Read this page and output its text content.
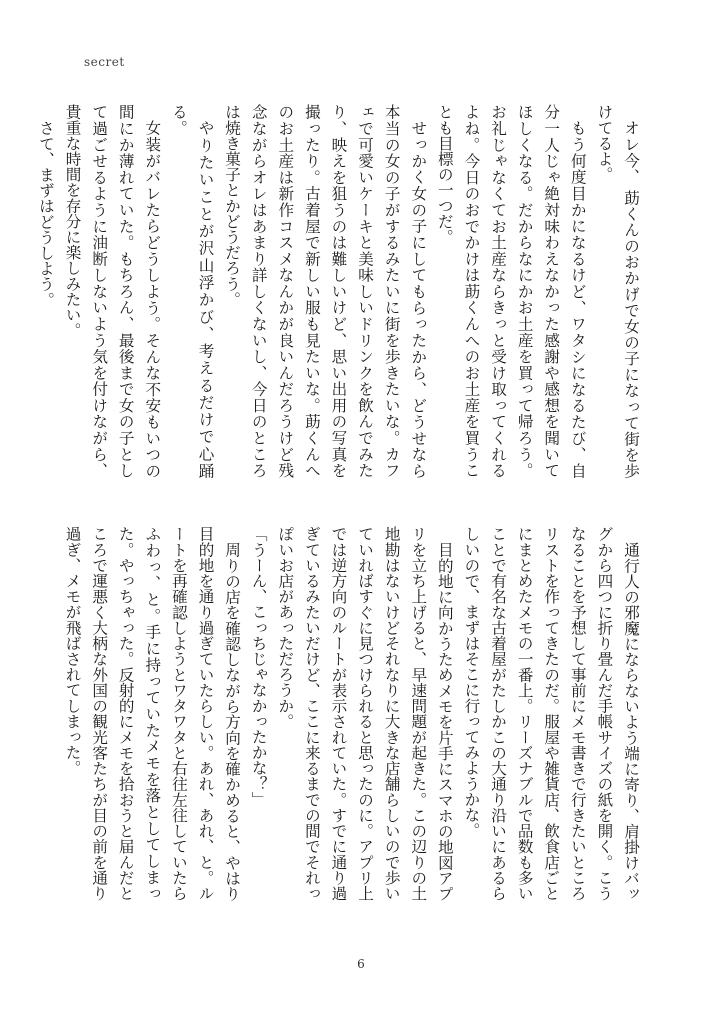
secret

オレ今、 莇くんのおかげで女の子になって街を歩けてるよ。

もう何度目かになるけど、ワタシになるたび、自分一人じゃ絶対味わえなかった感謝や感想を聞いてほしくなる。だからなにかお土産を買って帰ろう。お礼じゃなくてお土産ならきっと受け取ってくれるよね。今日のおでかけは莇くんへのお土産を買うことも目標の一つだ。

せっかく女の子にしてもらったから、どうせなら本当の女の子がするみたいに街を歩きたいな。カフェで可愛いケーキと美味しいドリンクを飲んでみたり、映えを狙うのは難しいけど、思い出用の写真を撮ったり。古着屋で新しい服も見たいな。莇くんへのお土産は新作コスメなんかが良いんだろうけど残念ながらオレはあまり詳しくないし、今日のところは焼き菓子とかどうだろう。

やりたいことが沢山浮かび、考えるだけで心踊る。

女装がバレたらどうしよう。そんな不安もいつの間にか薄れていた。もちろん、最後まで女の子として過ごせるように油断しないよう気を付けながら、貴重な時間を存分に楽しみたい。

さて、まずはどうしよう。

通行人の邪魔にならないよう端に寄り、肩掛けバッグから四つに折り畳んだ手帳サイズの紙を開く。こうなることを予想して事前にメモ書きで行きたいところリストを作ってきたのだ。服屋や雑貨店、飲食店ごとにまとめたメモの一番上。リーズナブルで品数も多いことで有名な古着屋がたしかこの大通り沿いにあるらしいので、まずはそこに行ってみようかな。

目的地に向かうためメモを片手にスマホの地図アプリを立ち上げると、早速問題が起きた。この辺りの土地勘はないけどそれなりに大きな店舗らしいので歩いていればすぐに見つけられると思ったのに。アプリ上では逆方向のルートが表示されていた。すでに通り過ぎているみたいだけど、ここに来るまでの間でそれっぽいお店があっただろうか。

「うーん、こっちじゃなかったかな？」

周りの店を確認しながら方向を確かめると、やはり目的地を通り過ぎていたらしい。あれ、あれ、と。ルートを再確認しようとワタワタと右往左往していたらふわっ、と。手に持っていたメモを落としてしまった。やっちゃった。反射的にメモを拾おうと届んだところで運悪く大柄な外国の観光客たちが目の前を通り過ぎ、メモが飛ばされてしまった。

6
